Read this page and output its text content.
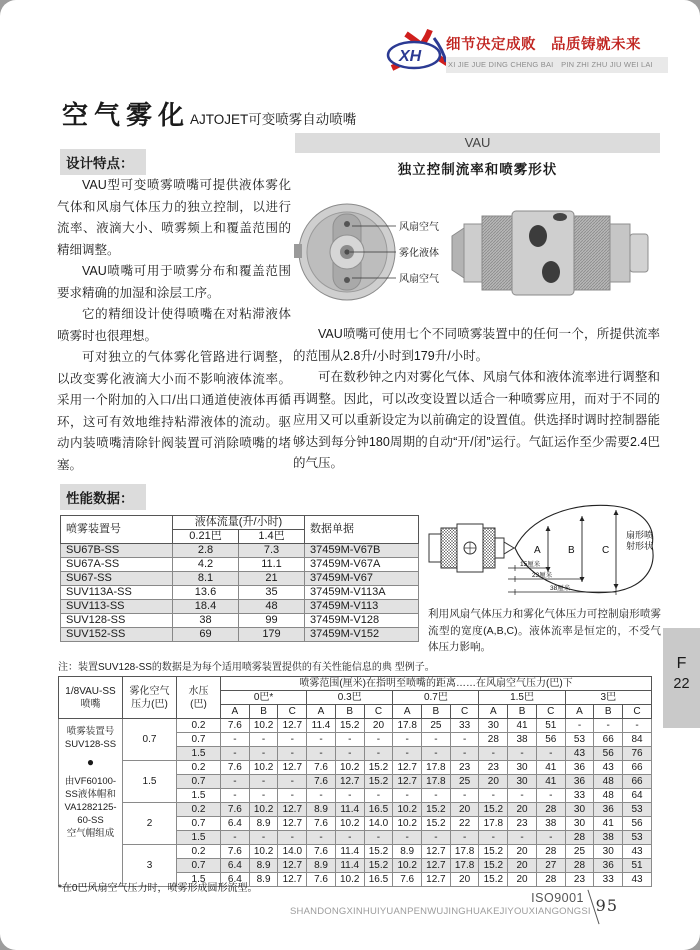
XH
细节决定成败　品质铸就未来
XI JIE JUE DING CHENG BAI　PIN ZHI ZHU JIU WEI LAI
空气雾化 AJTOJET可变喷雾自动喷嘴
设计特点：

VAU型可变喷雾喷嘴可提供液体雾化气体和风扇气体压力的独立控制，以进行流率、液滴大小、喷雾频上和覆盖范围的精细调整。

VAU喷嘴可用于喷雾分布和覆盖范围要求精确的加湿和涂层工序。

它的精细设计使得喷嘴在对粘滞液体喷雾时也很理想。

可对独立的气体雾化管路进行调整，以改变雾化液滴大小而不影响液体流率。采用一个附加的入口/出口通道使液体再循环，这可有效地维持粘滞液体的流动。驱动内装喷嘴清除针阀装置可消除喷嘴的堵塞。

VAU
独立控制流率和喷雾形状
风扇空气
雾化液体
风扇空气

VAU喷嘴可使用七个不同喷雾装置中的任何一个，所提供流率的范围从2.8升/小时到179升/小时。

可在数秒钟之内对雾化气体、风扇气体和液体流率进行调整和再调整。因此，可以改变设置以适合一种喷雾应用，而对于不同的应用又可以重新设定为以前确定的设置值。供选择时调时控制器能够达到每分钟180周期的自动“开/闭”运行。气缸运作至少需要2.4巴的气压。

性能数据：
喷雾装置号	液体流量(升/小时)		数据单据
	0.21巴	1.4巴	
SU67B-SS	2.8	7.3	37459M-V67B
SU67A-SS	4.2	11.1	37459M-V67A
SU67-SS	8.1	21	37459M-V67
SUV113A-SS	13.6	35	37459M-V113A
SUV113-SS	18.4	48	37459M-V113
SUV128-SS	38	99	37459M-V128
SUV152-SS	69	179	37459M-V152
A	B	C
扇形喷
射形状
15厘米
23厘米
38厘米
利用风扇气体压力和雾化气体压力可控制扇形喷雾流型的宽度(A,B,C)。液体流率是恒定的，不受气体压力影响。
注：装置SUV128-SS的数据是为每个适用喷雾装置提供的有关性能信息的典 型例子。
1/8VAU-SS
喷嘴

雾化空气
压力(巴)

水压
(巴)
	喷雾范围(厘米)在指明至喷嘴的距离……在风扇空气压力(巴)下
			0巴*			0.3巴			0.7巴			1.5巴			3巴		
			A	B	C	A	B	C	A	B	C	A	B	C	A	B	C

喷雾装置号
SUV128-SS
●
由VF60100-
SS液体帽和
VA1282125-
60-SS
空气帽组成
	0.7	0.2	7.6	10.2	12.7	11.4	15.2	20	17.8	25	33	30	41	51	-	-	-
		0.7	-	-	-	-	-	-	-	-	-	28	38	56	53	66	84
		1.5	-	-	-	-	-	-	-	-	-	-	-	-	43	56	76
	1.5	0.2	7.6	10.2	12.7	7.6	10.2	15.2	12.7	17.8	23	23	30	41	36	43	66
		0.7	-	-	-	7.6	12.7	15.2	12.7	17.8	25	20	30	41	36	48	66
		1.5	-	-	-	-	-	-	-	-	-	-	-	-	33	48	64
	2	0.2	7.6	10.2	12.7	8.9	11.4	16.5	10.2	15.2	20	15.2	20	28	30	36	53
		0.7	6.4	8.9	12.7	7.6	10.2	14.0	10.2	15.2	22	17.8	23	38	30	41	56
		1.5	-	-	-	-	-	-	-	-	-	-	-	-	28	38	53
	3	0.2	7.6	10.2	14.0	7.6	11.4	15.2	8.9	12.7	17.8	15.2	20	28	25	30	43
		0.7	6.4	8.9	12.7	8.9	11.4	15.2	10.2	12.7	17.8	15.2	20	27	28	36	51
		1.5	6.4	8.9	12.7	7.6	10.2	16.5	7.6	12.7	20	15.2	20	28	23	33	43
*在0巴风扇空气压力时，喷雾形成圆形流型。
F
22
ISO9001
SHANDONGXINHUIYUANPENWUJINGHUAKEJIYOUXIANGONGSI 95
